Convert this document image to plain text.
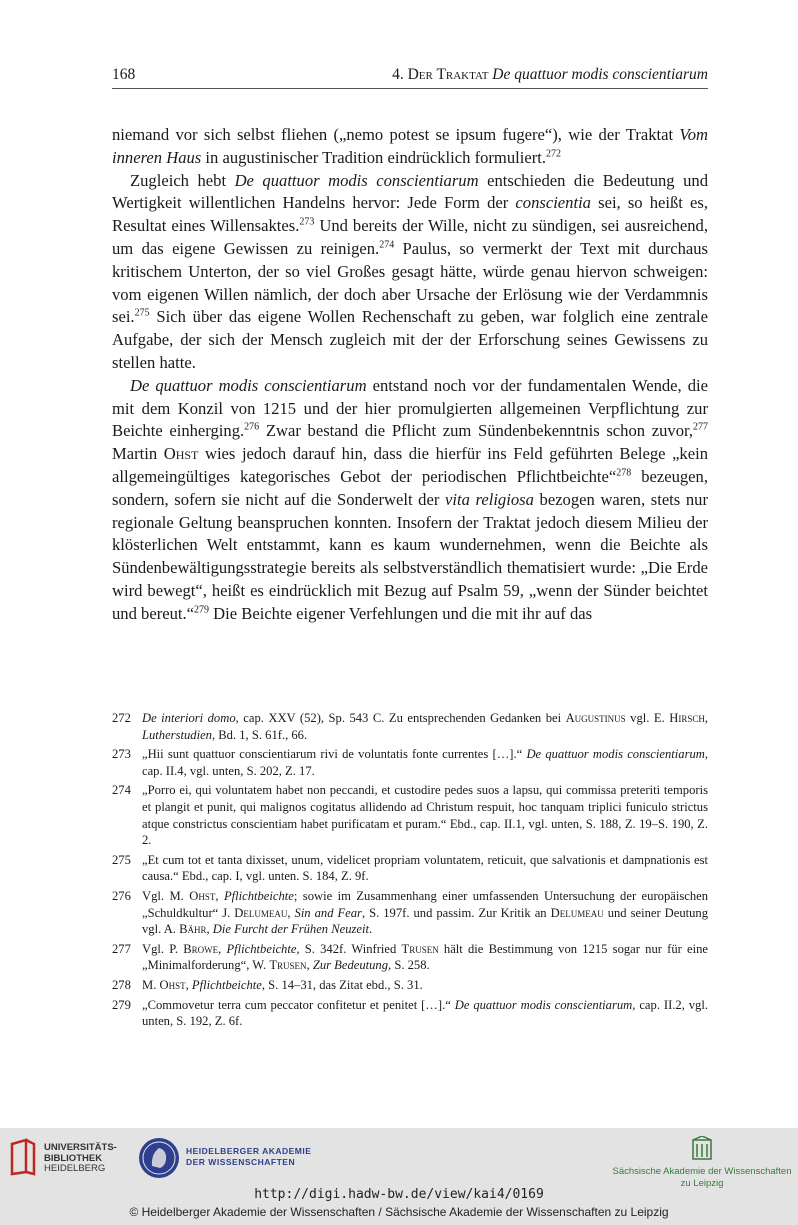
168	4. Der Traktat De quattuor modis conscientiarum

niemand vor sich selbst fliehen („nemo potest se ipsum fugere“), wie der Traktat Vom inneren Haus in augustinischer Tradition eindrücklich formuliert.$^{272}$

Zugleich hebt De quattuor modis conscientiarum entschieden die Bedeutung und Wertigkeit willentlichen Handelns hervor: Jede Form der conscientia sei, so heißt es, Resultat eines Willensaktes.$^{273}$ Und bereits der Wille, nicht zu sündigen, sei ausreichend, um das eigene Gewissen zu reinigen.$^{274}$ Paulus, so vermerkt der Text mit durchaus kritischem Unterton, der so viel Großes gesagt hätte, würde genau hiervon schweigen: vom eigenen Willen nämlich, der doch aber Ursache der Erlösung wie der Verdammnis sei.$^{275}$ Sich über das eigene Wollen Rechenschaft zu geben, war folglich eine zentrale Aufgabe, der sich der Mensch zugleich mit der der Erforschung seines Gewissens zu stellen hatte.

De quattuor modis conscientiarum entstand noch vor der fundamentalen Wende, die mit dem Konzil von 1215 und der hier promulgierten allgemeinen Verpflichtung zur Beichte einherging.$^{276}$ Zwar bestand die Pflicht zum Sündenbekenntnis schon zuvor,$^{277}$ Martin Ohst wies jedoch darauf hin, dass die hierfür ins Feld geführten Belege „kein allgemeingültiges kategorisches Gebot der periodischen Pflichtbeichte“$^{278}$ bezeugen, sondern, sofern sie nicht auf die Sonderwelt der vita religiosa bezogen waren, stets nur regionale Geltung beanspruchen konnten. Insofern der Traktat jedoch diesem Milieu der klösterlichen Welt entstammt, kann es kaum wundernehmen, wenn die Beichte als Sündenbewältigungsstrategie bereits als selbstverständlich thematisiert wurde: „Die Erde wird bewegt“, heißt es eindrücklich mit Bezug auf Psalm 59, „wenn der Sünder beichtet und bereut.“$^{279}$ Die Beichte eigener Verfehlungen und die mit ihr auf das

272 De interiori domo, cap. XXV (52), Sp. 543 C. Zu entsprechenden Gedanken bei Augustinus vgl. E. Hirsch, Lutherstudien, Bd. 1, S. 61f., 66.
273 „Hii sunt quattuor conscientiarum rivi de voluntatis fonte currentes […].“ De quattuor modis conscientiarum, cap. II.4, vgl. unten, S. 202, Z. 17.
274 „Porro ei, qui voluntatem habet non peccandi, et custodire pedes suos a lapsu, qui commissa preteriti temporis et plangit et punit, qui malignos cogitatus allidendo ad Christum respuit, hoc tanquam triplici funiculo strictus atque constrictus conscientiam habet purificatam et puram.“ Ebd., cap. II.1, vgl. unten, S. 188, Z. 19–S. 190, Z. 2.
275 „Et cum tot et tanta dixisset, unum, videlicet propriam voluntatem, reticuit, que salvationis et dampnationis est causa.“ Ebd., cap. I, vgl. unten. S. 184, Z. 9f.
276 Vgl. M. Ohst, Pflichtbeichte; sowie im Zusammenhang einer umfassenden Untersuchung der europäischen „Schuldkultur“ J. Delumeau, Sin and Fear, S. 197f. und passim. Zur Kritik an Delumeau und seiner Deutung vgl. A. Bähr, Die Furcht der Frühen Neuzeit.
277 Vgl. P. Browe, Pflichtbeichte, S. 342f. Winfried Trusen hält die Bestimmung von 1215 sogar nur für eine „Minimalforderung“, W. Trusen, Zur Bedeutung, S. 258.
278 M. Ohst, Pflichtbeichte, S. 14–31, das Zitat ebd., S. 31.
279 „Commovetur terra cum peccator confitetur et penitet […].“ De quattuor modis conscientiarum, cap. II.2, vgl. unten, S. 192, Z. 6f.
UNIVERSITÄTS-
BIBLIOTHEK
HEIDELBERG
HEIDELBERGER AKADEMIE
DER WISSENSCHAFTEN
Sächsische Akademie der Wissenschaften
zu Leipzig
http://digi.hadw-bw.de/view/kai4/0169
© Heidelberger Akademie der Wissenschaften / Sächsische Akademie der Wissenschaften zu Leipzig
